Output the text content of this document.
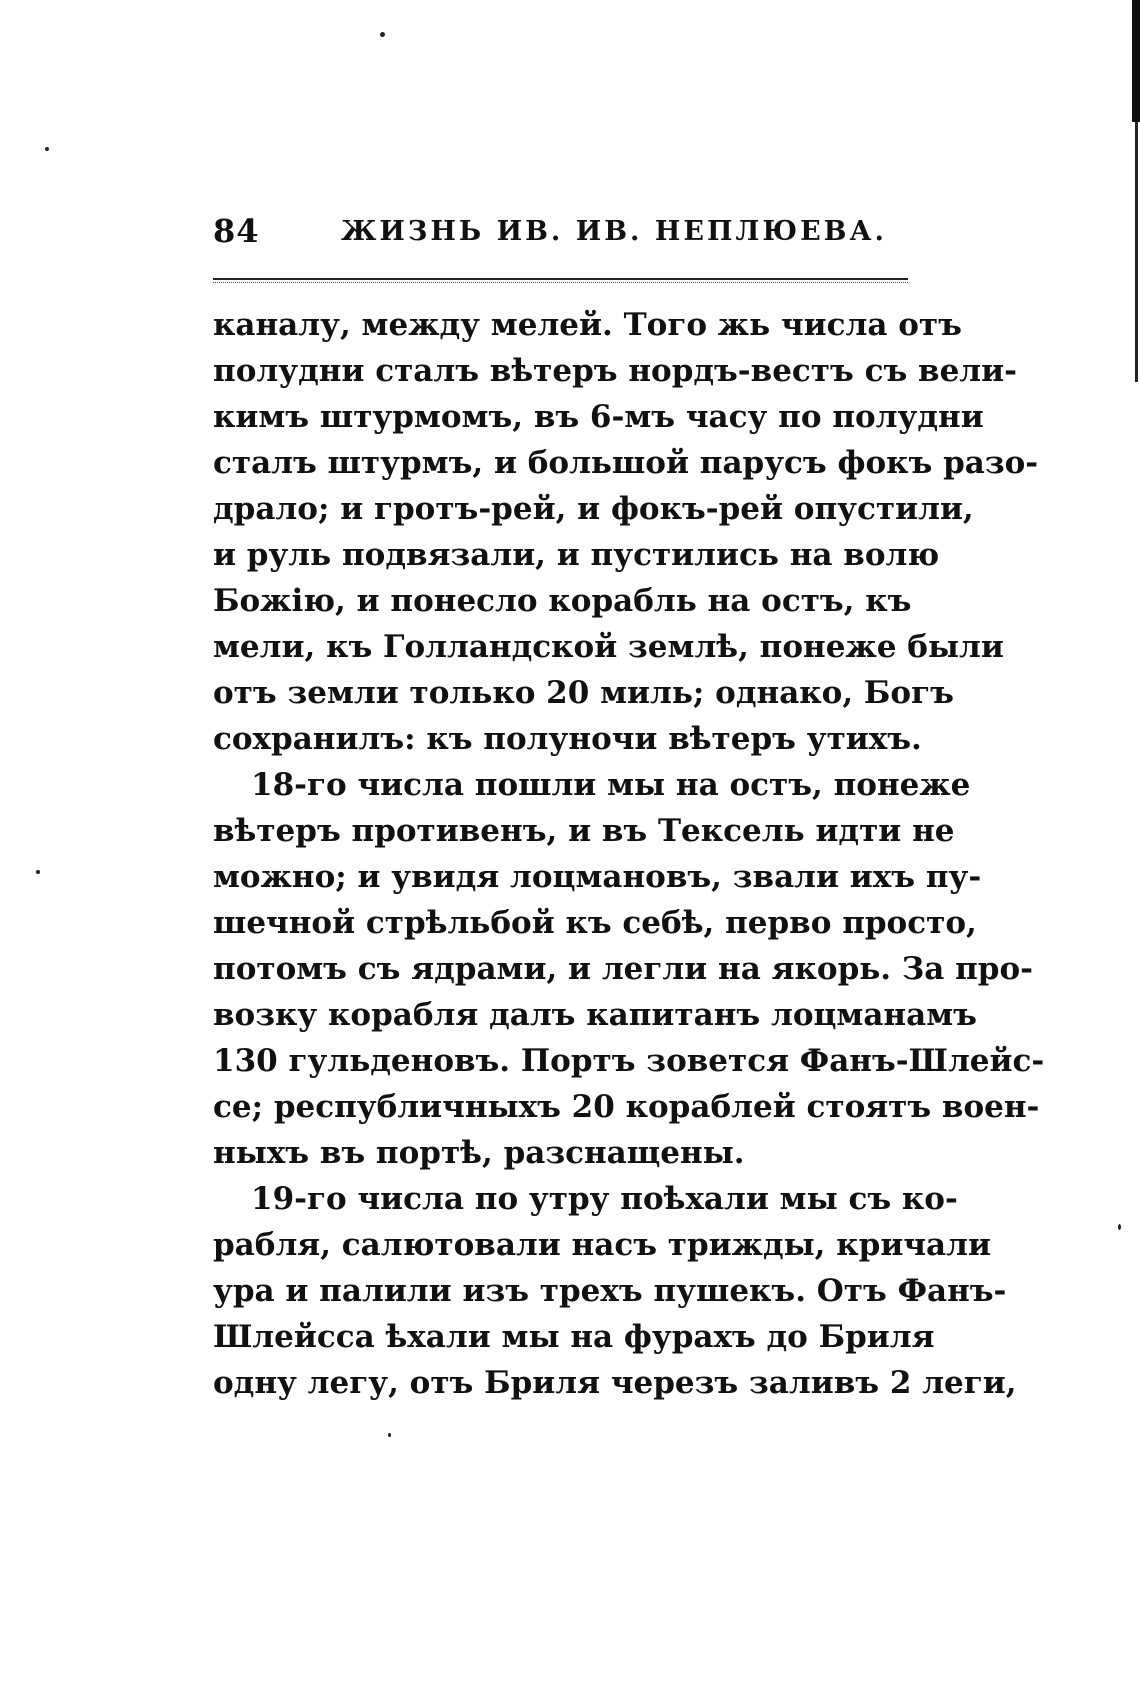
84	ЖИЗНЬ ИВ. ИВ. НЕПЛЮЕВА.
каналу, между мелей. Того жь числа отъ
полудни сталъ вѣтеръ нордъ-вестъ съ вели-
кимъ штурмомъ, въ 6-мъ часу по полудни
сталъ штурмъ, и большой парусъ фокъ разо-
драло; и гротъ-рей, и фокъ-рей опустили,
и руль подвязали, и пустились на волю
Божію, и понесло корабль на остъ, къ
мели, къ Голландской землѣ, понеже были
отъ земли только 20 миль; однако, Богъ
сохранилъ: къ полуночи вѣтеръ утихъ.
18-го числа пошли мы на остъ, понеже
вѣтеръ противенъ, и въ Тексель идти не
можно; и увидя лоцмановъ, звали ихъ пу-
шечной стрѣльбой къ себѣ, перво просто,
потомъ съ ядрами, и легли на якорь. За про-
возку корабля далъ капитанъ лоцманамъ
130 гульденовъ. Портъ зовется Фанъ-Шлейс-
се; республичныхъ 20 кораблей стоятъ воен-
ныхъ въ портѣ, разснащены.
19-го числа по утру поѣхали мы съ ко-
рабля, салютовали насъ трижды, кричали
ура и палили изъ трехъ пушекъ. Отъ Фанъ-
Шлейсса ѣхали мы на фурахъ до Бриля
одну легу, отъ Бриля черезъ заливъ 2 леги,
